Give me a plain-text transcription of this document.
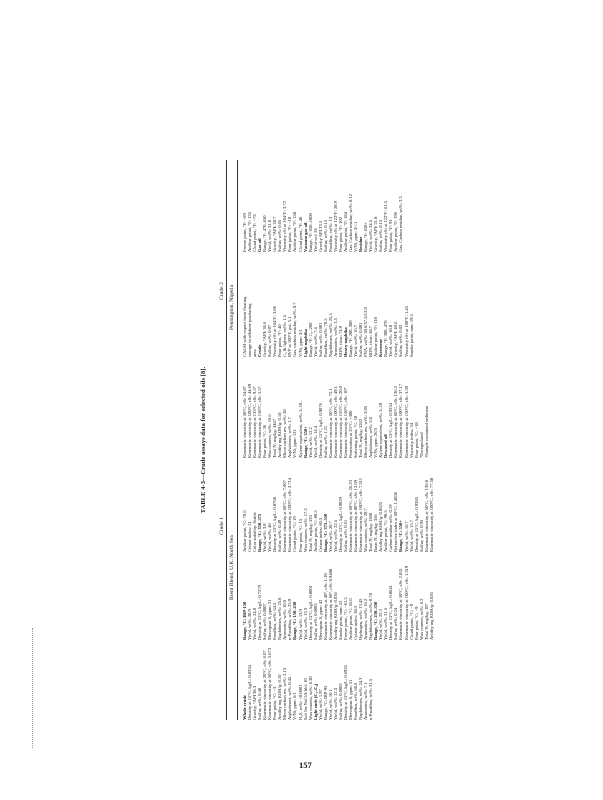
TABLE 4-3—Crude assays data for selected oils [8].
Crude 1
Crude 2
Brent Blend, U.K. North Sea
Pennington, Nigeria
Whole crude Density at 15°C, kg/L: 0.8334 Gravity, °API 38.3 Sulfur, wt%: 0.40 Kinematic viscosity at 20°C, cSt: 6.07 Kinematic viscosity at 50°C, cSt: 3.673 Pour point, °C: −3 Acidity mg KOH/g: 0.10 Micro carbon res. wt%: 2.13 Asphaltenes, wt%: 0.45 V/Ni, ppm: 6/1 H₂S, wt%: <0.0001 Salt lbs NaCl/k bbl: 10 Wax content, wt%: 6.30 Light ends (C₁–C₄) Yield, wt%: 1.97 Range, °C: IBP-95 Yield, wt%: 10.1 Yield, vol%: 12.3 Sulfur, wt%: 0.0002 Density at 15°C, kg/L: 0.6926 Mercaptan S, ppm: 51 Paraffins, wt%: 68.6 Naphthenes, wt%: 24.3 Aromatics, wt%: 7.1 n-Paraffins, wt%: 31.5
Range, °C: IBP-150 Yield, wt%: 20.9 Yield, vol%: 24.0 Density at 15°C, kg/L: 0.7279 Sulfur, wt%: 0.0007 Mercaptan S, ppm: 21 Paraffins, wt%: 64.5 Naphthenes, wt%: 25.8 Aromatics, wt%: 10.0 n-Paraffins, wt%: 25.9 Range, °C: 150–230 Yield, wt%: 13.9 Yield, vol%: 13.3 Density at 15°C, kg/L: 0.8001 Sulfur, wt%: 0.0085 Mercaptan S, ppm: 42 Kinematic viscosity at 40°, cSt: 1.18 Kinematic viscosity at 60°, cSt: 0.9488 Acidity mg KOH/g: 0.036 Smoke point, mm: 22 Freeze point, °C: −61.5 Aniline point, °C: 55.0 Cetane index: 38.5 Hydrogen, wt%: 13.45 Aromatics, vol%: 16.2 Naphthalenes, vol%: 0.70 Range, °C: 230–350 Yield, wt%: 22.3 Yield, vol%: 21.5 Density at 15°C, kg/L: 0.8641 Sulfur, wt%: 0.24 Kinematic viscosity at 50°C, cSt: 2.831 Kinematic viscosity at 100°C, cSt: 1.319 Cloud point, °C: −9 Pour point, °C: −9 Wax content, wt%: 6.2 Total N, mg/kg: 107 Acidity mg KOH/g: 0.026
Aniline point, °C: 70.6 Cetane index: 51 Color stability: Stable Range, °C: 350–375 Yield, wt%: 3.8 Yield, vol%: 40 Density at 15°C, kg/L: 0.8768 Sulfur, wt%: 0.49 Kinematic viscosity at 60°C, cSt: 7.067 Kinematic viscosity at 100°C, cSt: 2.714 Cloud point, °C: 19 Pour point, °C: 15 Wax content, wt%: 17.3 Total N, mg/kg: 533 Aniline point, °C: 80.5 Cetane index: 60.5 Range, °C: 375–550 Yield, wt%: 20.7 Yield, vol%: 22.5 Density at 15°C, kg/L: 0.9029 Sulfur, wt%: 0.61 Kinematic viscosity at 60°C, cSt: 26.23 Kinematic viscosity at 80°C, cSt: 12.69 Kinematic viscosity at 100°C, cSt: 7.311 Wax content, wt%: 20.7 Total N, mg/kg: 1500 Basic N, mg/kg: 356 Acidity mg KOH/g: 0.0625 Aniline point, °C: 90.5 Carbon residue wt%: 0.19 Refractive index at 60°C: 1.4836 Range, °C: 550+ Yield, wt%: 16.7 Yield, vol%: 15.7 Density at 15°C, kg/L: 0.9285 Sulfur, wt%: 0.95 Kinematic viscosity at 50°C, cSt: 136.8 Kinematic viscosity at 100°C, cSt: 77.58
Kinematic viscosity at 50°C, cSt: 24.87 Kinematic viscosity at 100°C, cSt: 44.69 Kinematic viscosity at 135°C, cSt: 9.5* Kinematic viscosity at 150°C, cSt: 5.5* Pour point, °C: 36 Wax content, wt%: 16.6 Total N, mg/kg: 3467 Acidity mg KOH/g: 0.18 Micro carbon res. wt%: 50 Asphaltenes, wt%: 1.7 V/Ni, ppm: 121 Xylene equivalent, wt%: 5–10– Range, °C: 350+ Yield, wt%: 12.2 Yield, vol%: 14.4 Density at 15°C, kg/L: 0.9076 Sulfur, wt%: 1.21 Kinematic viscosity at 50°C, cSt: 75.1 Kinematic viscosity at 100°C, cSt: 49.1 Kinematic viscosity at 135°C, cSt: 20.0 Kinematic viscosity at 150°C, cSt: 10* Penetration at 25°C: >300 Softening point, °C: 18 Total N, mg/kg: 5262 Micro carbon res. wt%: 3.05 Asphaltenes, wt%: 5.0 V/Ni, ppm: 26/3 Xylene equivalent, wt%: 5–10 Dewaxed oil Density at 15°C, kg/L: 0.9254 Kinematic viscosity at 60°C, cSt: 136.2 Kinematic viscosity at 100°C, cSt: 37.17 Kinematic viscosity at 150°C, cSt: 5.59 Viscosity index: 54 Pour point, °C: −18 *Extrapolated †Sample contained sediment
CALM with export from floating storage in offshore producing area Crude Gravity, °API: 36.6 Sulfur, wt%: 0.07 Viscosity cSt at 104°F: 3.06 Pour point, °F: 40 C₃ & lighter, vol%: 1.5 RVP at 100°F, psi: 5.1 Gas, carbon residue, wt%: 0.7 V/Ni, ppm: 3/1 Light naphtha Range, °F: C₅–200 Yield, vol%: 7.4 Sulfur, wt%: 0.001 Paraffins, vol%: 70.5 Naphthenes, vol%: 25.5 Aromatics, vol%: 3.5 RON, clear: 74.9 Heavy naphtha Range, °F: 200–300 Yield, vol%: 16.7 Sulfur, wt%: 0.001 PNA, vol%: 30.6/57.5/12.0 RON, clear: 58.7 Aniline point, °F: 118 Kerosene Range, °F: 300–470 Yield, vol%: 18.0 Gravity, °API: 40.6 Sulfur, wt%: 0.02 Viscosity cSt at 100°F: 1.45 Smoke point, mm: 19.5
Freeze point, °F: −69 Aniline point, °F: 135 Cloud point, °F: −76 Gas oil Range, °F: 470–650 Yield, vol%: 31.0 Gravity, °API: 28.7 Sulfur, wt%: 0.05 Viscosity cSt at 104°F: 3.72 Pour point, °F: −10 Aniline point, °F: 158 Cloud point, °F: 40 Vacuum gas oil Range, °F: 650–1000 Yield vol: 26 Gravity API 23.5 Sulfur, wt%: 0.15 Paraffins, vol%: 13 Viscosity cSt at 122°F: 28.9 Pour point, °F: 102 Aniline point, °F: 184 Gas. Carbon residue, wt%: 0.12 V/Ni, ppm: 3/<1 Residue Range, °F: 650+ Yield, vol%: 24.5 Gravity, °API: 21.8 Sulfur, wt%: 0.15 Viscosity cSt at 122°F: 61.5 Pour point, °F: 91 Aniline point, °F: 196 Gas. Carbon residue, wt%: 2.3
157
